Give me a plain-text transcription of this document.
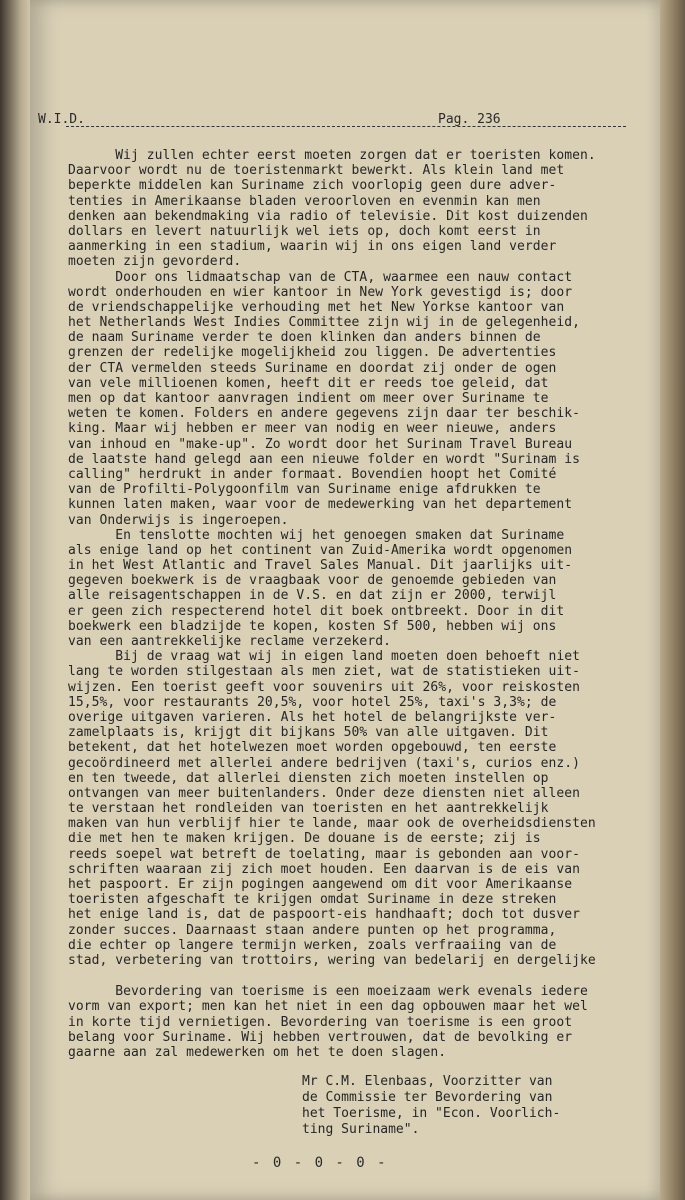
W.I.D.	Pag. 236
Wij zullen echter eerst moeten zorgen dat er toeristen komen.
Daarvoor wordt nu de toeristenmarkt bewerkt. Als klein land met
beperkte middelen kan Suriname zich voorlopig geen dure adver-
tenties in Amerikaanse bladen veroorloven en evenmin kan men
denken aan bekendmaking via radio of televisie. Dit kost duizenden
dollars en levert natuurlijk wel iets op, doch komt eerst in
aanmerking in een stadium, waarin wij in ons eigen land verder
moeten zijn gevorderd.
Door ons lidmaatschap van de CTA, waarmee een nauw contact
wordt onderhouden en wier kantoor in New York gevestigd is; door
de vriendschappelijke verhouding met het New Yorkse kantoor van
het Netherlands West Indies Committee zijn wij in de gelegenheid,
de naam Suriname verder te doen klinken dan anders binnen de
grenzen der redelijke mogelijkheid zou liggen. De advertenties
der CTA vermelden steeds Suriname en doordat zij onder de ogen
van vele millioenen komen, heeft dit er reeds toe geleid, dat
men op dat kantoor aanvragen indient om meer over Suriname te
weten te komen. Folders en andere gegevens zijn daar ter beschik-
king. Maar wij hebben er meer van nodig en weer nieuwe, anders
van inhoud en "make-up". Zo wordt door het Surinam Travel Bureau
de laatste hand gelegd aan een nieuwe folder en wordt "Surinam is
calling" herdrukt in ander formaat. Bovendien hoopt het Comité
van de Profilti-Polygoonfilm van Suriname enige afdrukken te
kunnen laten maken, waar voor de medewerking van het departement
van Onderwijs is ingeroepen.
En tenslotte mochten wij het genoegen smaken dat Suriname
als enige land op het continent van Zuid-Amerika wordt opgenomen
in het West Atlantic and Travel Sales Manual. Dit jaarlijks uit-
gegeven boekwerk is de vraagbaak voor de genoemde gebieden van
alle reisagentschappen in de V.S. en dat zijn er 2000, terwijl
er geen zich respecterend hotel dit boek ontbreekt. Door in dit
boekwerk een bladzijde te kopen, kosten Sf 500, hebben wij ons
van een aantrekkelijke reclame verzekerd.
Bij de vraag wat wij in eigen land moeten doen behoeft niet
lang te worden stilgestaan als men ziet, wat de statistieken uit-
wijzen. Een toerist geeft voor souvenirs uit 26%, voor reiskosten
15,5%, voor restaurants 20,5%, voor hotel 25%, taxi's 3,3%; de
overige uitgaven varieren. Als het hotel de belangrijkste ver-
zamelplaats is, krijgt dit bijkans 50% van alle uitgaven. Dit
betekent, dat het hotelwezen moet worden opgebouwd, ten eerste
gecoördineerd met allerlei andere bedrijven (taxi's, curios enz.)
en ten tweede, dat allerlei diensten zich moeten instellen op
ontvangen van meer buitenlanders. Onder deze diensten niet alleen
te verstaan het rondleiden van toeristen en het aantrekkelijk
maken van hun verblijf hier te lande, maar ook de overheidsdiensten
die met hen te maken krijgen. De douane is de eerste; zij is
reeds soepel wat betreft de toelating, maar is gebonden aan voor-
schriften waaraan zij zich moet houden. Een daarvan is de eis van
het paspoort. Er zijn pogingen aangewend om dit voor Amerikaanse
toeristen afgeschaft te krijgen omdat Suriname in deze streken
het enige land is, dat de paspoort-eis handhaaft; doch tot dusver
zonder succes. Daarnaast staan andere punten op het programma,
die echter op langere termijn werken, zoals verfraaiing van de
stad, verbetering van trottoirs, wering van bedelarij en dergelijke
Bevordering van toerisme is een moeizaam werk evenals iedere
vorm van export; men kan het niet in een dag opbouwen maar het wel
in korte tijd vernietigen. Bevordering van toerisme is een groot
belang voor Suriname. Wij hebben vertrouwen, dat de bevolking er
gaarne aan zal medewerken om het te doen slagen.
Mr C.M. Elenbaas, Voorzitter van
de Commissie ter Bevordering van
het Toerisme, in "Econ. Voorlich-
ting Suriname".
- 0 - 0 - 0 -
